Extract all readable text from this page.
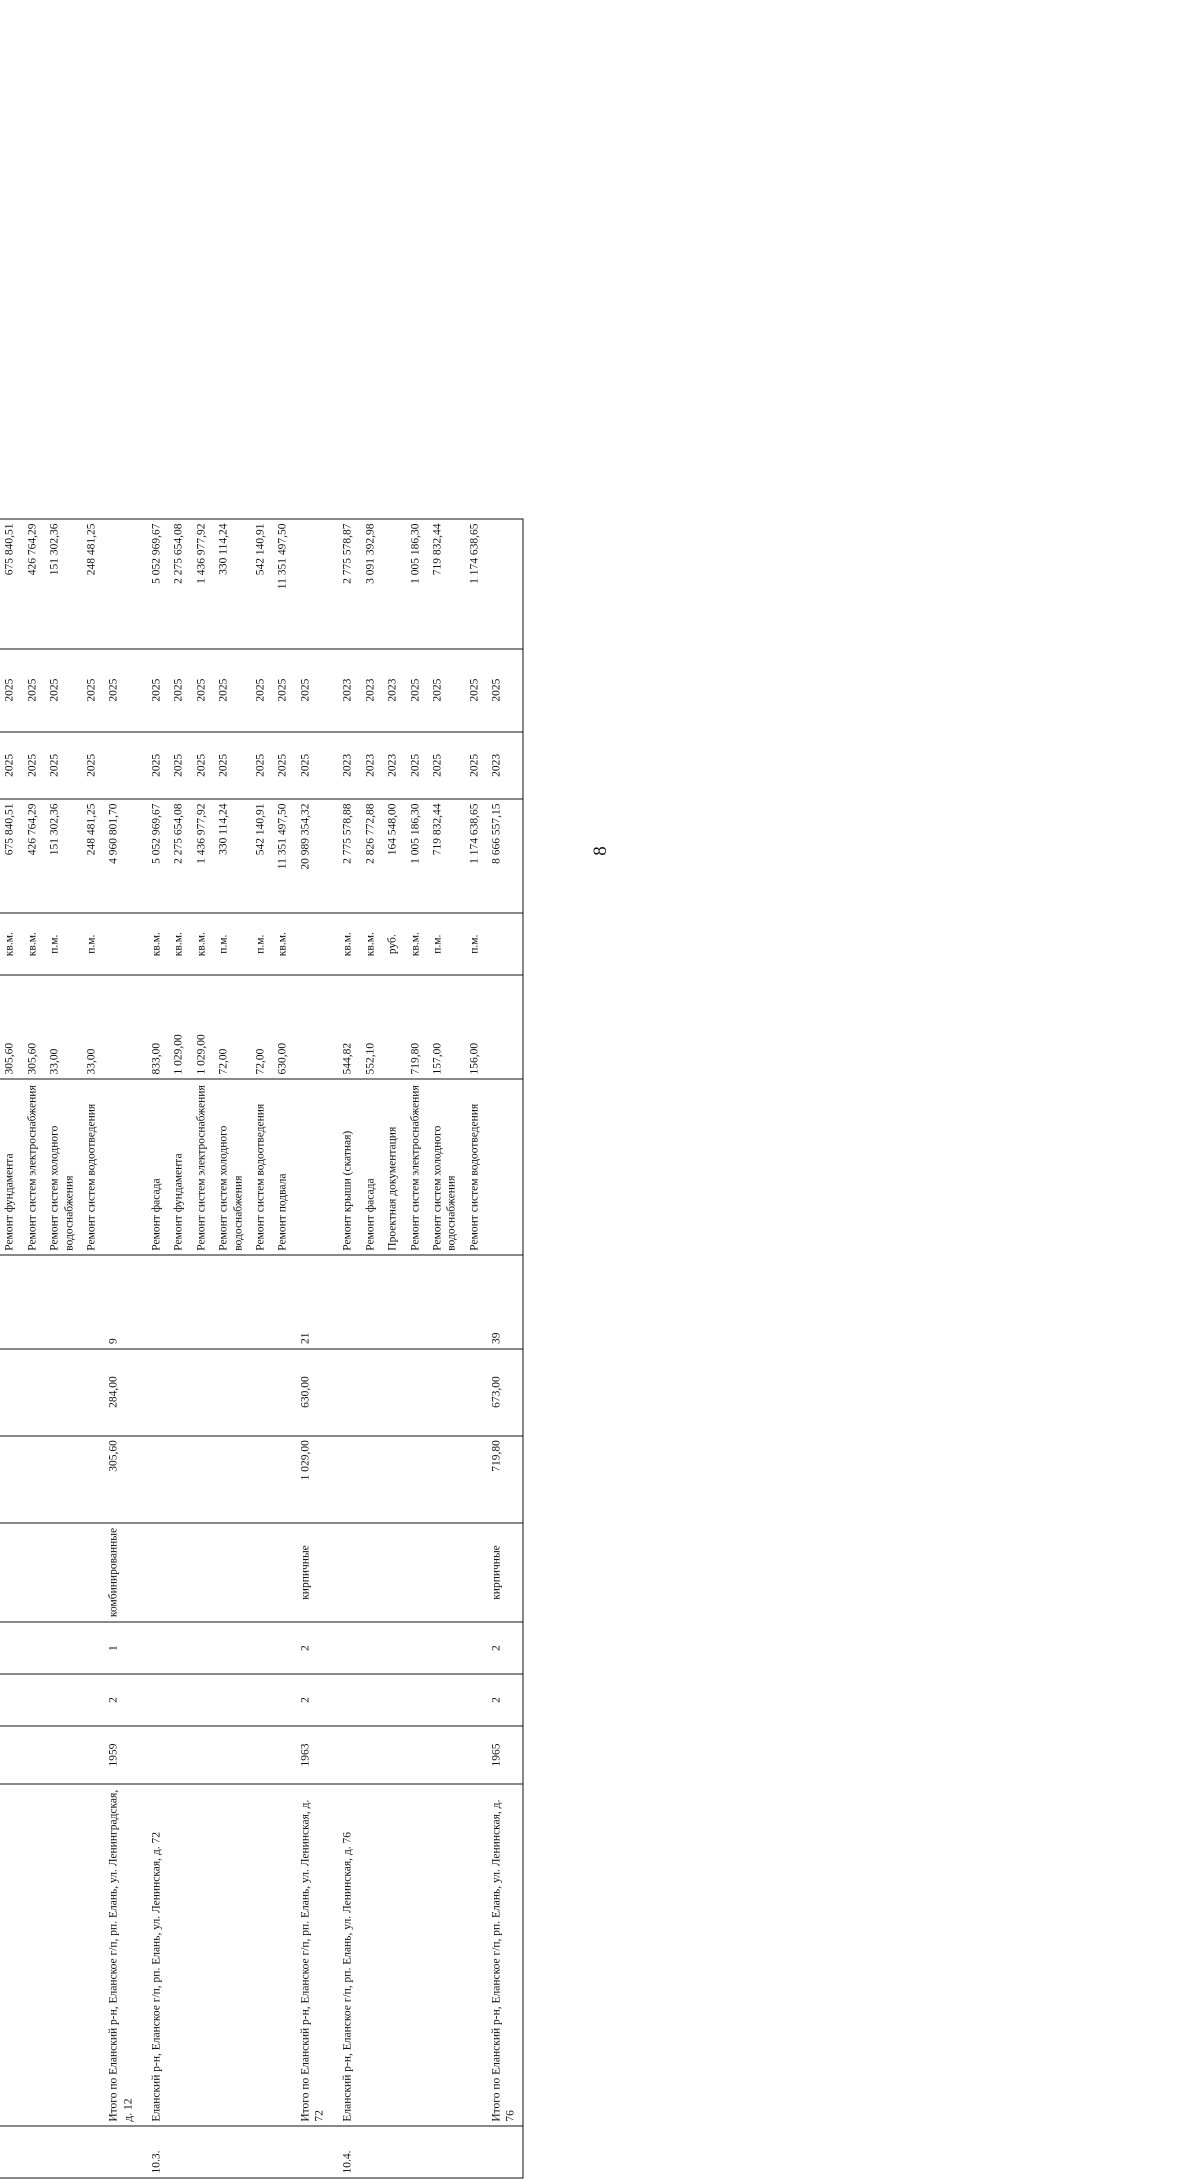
8

									Ремонт фундамента	305,60	кв.м.	675 840,51	2025	2025	675 840,51
									Ремонт систем электроснабжения	305,60	кв.м.	426 764,29	2025	2025	426 764,29
									Ремонт систем холодного водоснабжения	33,00	п.м.	151 302,36	2025	2025	151 302,36
									Ремонт систем водоотведения	33,00	п.м.	248 481,25	2025	2025	248 481,25
	Итого по Еланский р-н, Еланское г/п, рп. Елань, ул. Ленинградская, д. 12	1959	2	1	комбинированные	305,60	284,00	9				4 960 801,70		2025	
10.3.	Еланский р-н, Еланское г/п, рп. Елань, ул. Ленинская, д. 72								Ремонт фасада	833,00	кв.м.	5 052 969,67	2025	2025	5 052 969,67
									Ремонт фундамента	1 029,00	кв.м.	2 275 654,08	2025	2025	2 275 654,08
									Ремонт систем электроснабжения	1 029,00	кв.м.	1 436 977,92	2025	2025	1 436 977,92
									Ремонт систем холодного водоснабжения	72,00	п.м.	330 114,24	2025	2025	330 114,24
									Ремонт систем водоотведения	72,00	п.м.	542 140,91	2025	2025	542 140,91
									Ремонт подвала	630,00	кв.м.	11 351 497,50	2025	2025	11 351 497,50
	Итого по Еланский р-н, Еланское г/п, рп. Елань, ул. Ленинская, д. 72	1963	2	2	кирпичные	1 029,00	630,00	21				20 989 354,32	2025	2025	
10.4.	Еланский р-н, Еланское г/п, рп. Елань, ул. Ленинская, д. 76								Ремонт крыши (скатная)	544,82	кв.м.	2 775 578,88	2023	2023	2 775 578,87
									Ремонт фасада	552,10	кв.м.	2 826 772,88	2023	2023	3 091 392,98
									Проектная документация		руб.	164 548,00	2023	2023	
									Ремонт систем электроснабжения	719,80	кв.м.	1 005 186,30	2025	2025	1 005 186,30
									Ремонт систем холодного водоснабжения	157,00	п.м.	719 832,44	2025	2025	719 832,44
									Ремонт систем водоотведения	156,00	п.м.	1 174 638,65	2025	2025	1 174 638,65
	Итого по Еланский р-н, Еланское г/п, рп. Елань, ул. Ленинская, д. 76	1965	2	2	кирпичные	719,80	673,00	39				8 666 557,15	2023	2025	
